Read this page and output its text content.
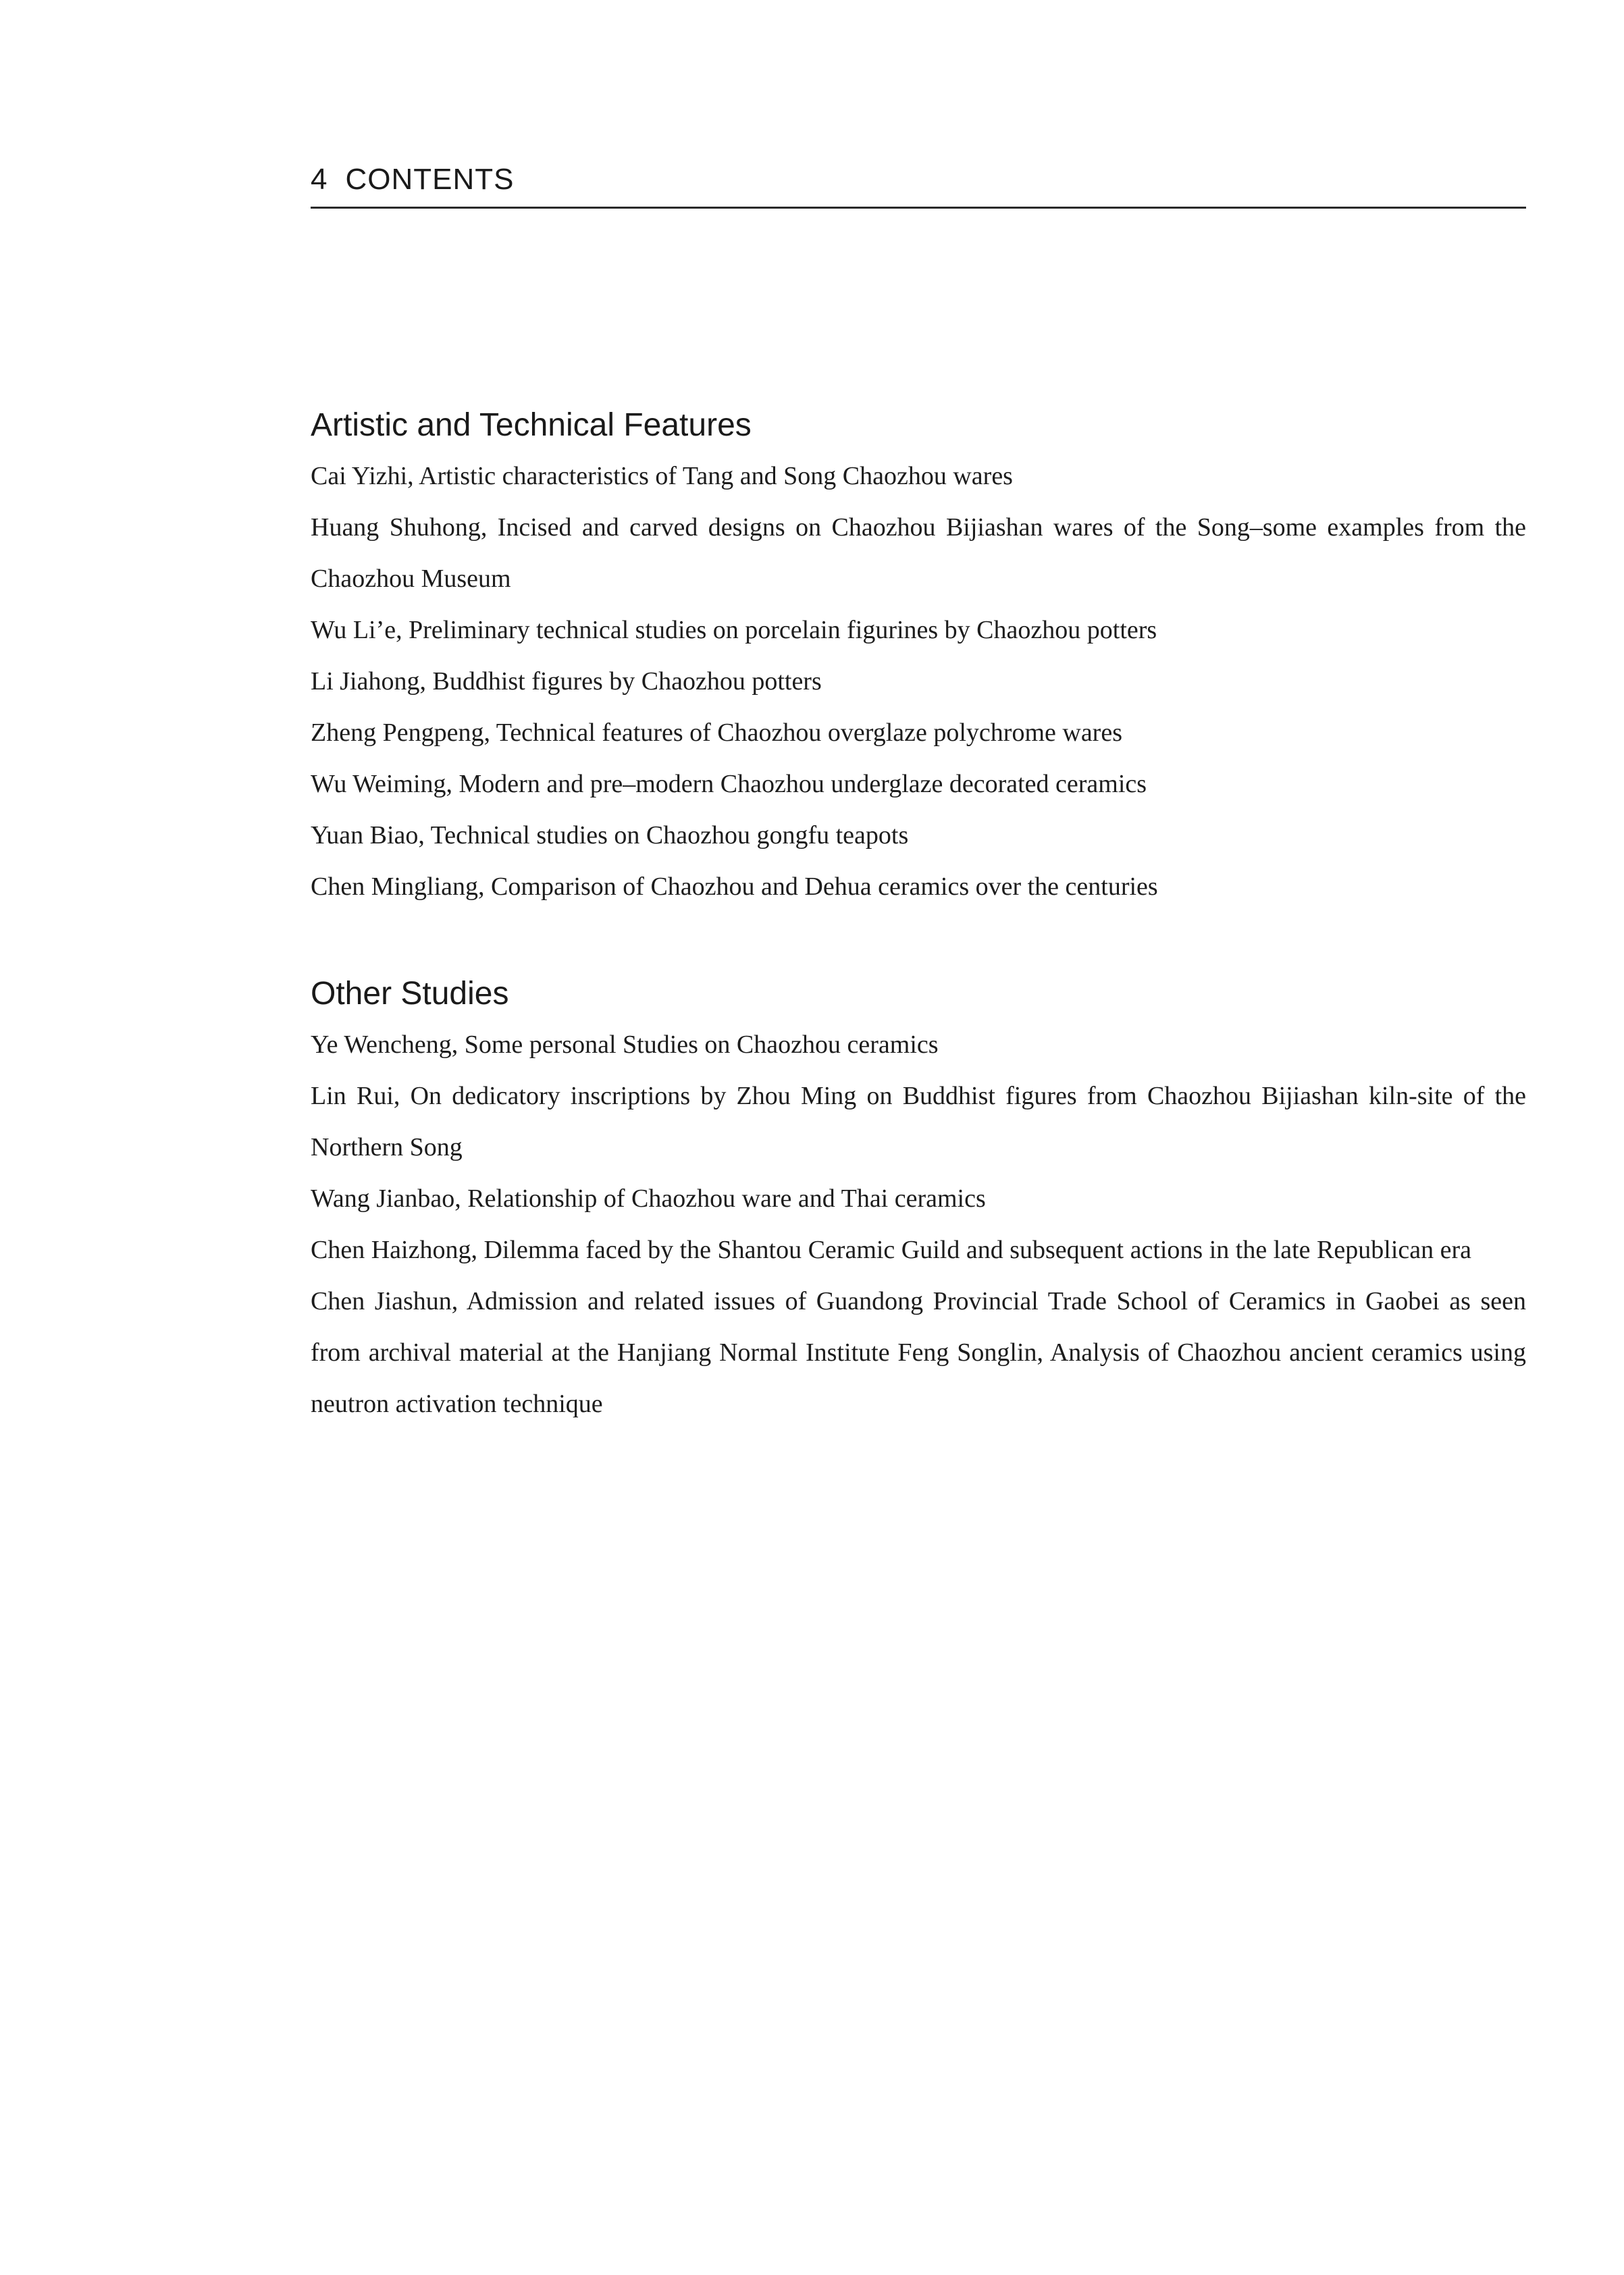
4 CONTENTS
Artistic and Technical Features
Cai Yizhi, Artistic characteristics of Tang and Song Chaozhou wares
Huang Shuhong, Incised and carved designs on Chaozhou Bijiashan wares of the Song–some examples from the Chaozhou Museum
Wu Li’e, Preliminary technical studies on porcelain figurines by Chaozhou potters
Li Jiahong, Buddhist figures by Chaozhou potters
Zheng Pengpeng, Technical features of Chaozhou overglaze polychrome wares
Wu Weiming, Modern and pre–modern Chaozhou underglaze decorated ceramics
Yuan Biao, Technical studies on Chaozhou gongfu teapots
Chen Mingliang, Comparison of Chaozhou and Dehua ceramics over the centuries
Other Studies
Ye Wencheng, Some personal Studies on Chaozhou ceramics
Lin Rui, On dedicatory inscriptions by Zhou Ming on Buddhist figures from Chaozhou Bijiashan kiln-site of the Northern Song
Wang Jianbao, Relationship of Chaozhou ware and Thai ceramics
Chen Haizhong, Dilemma faced by the Shantou Ceramic Guild and subsequent actions in the late Republican era
Chen Jiashun, Admission and related issues of Guandong Provincial Trade School of Ceramics in Gaobei as seen from archival material at the Hanjiang Normal Institute Feng Songlin, Analysis of Chaozhou ancient ceramics using neutron activation technique
